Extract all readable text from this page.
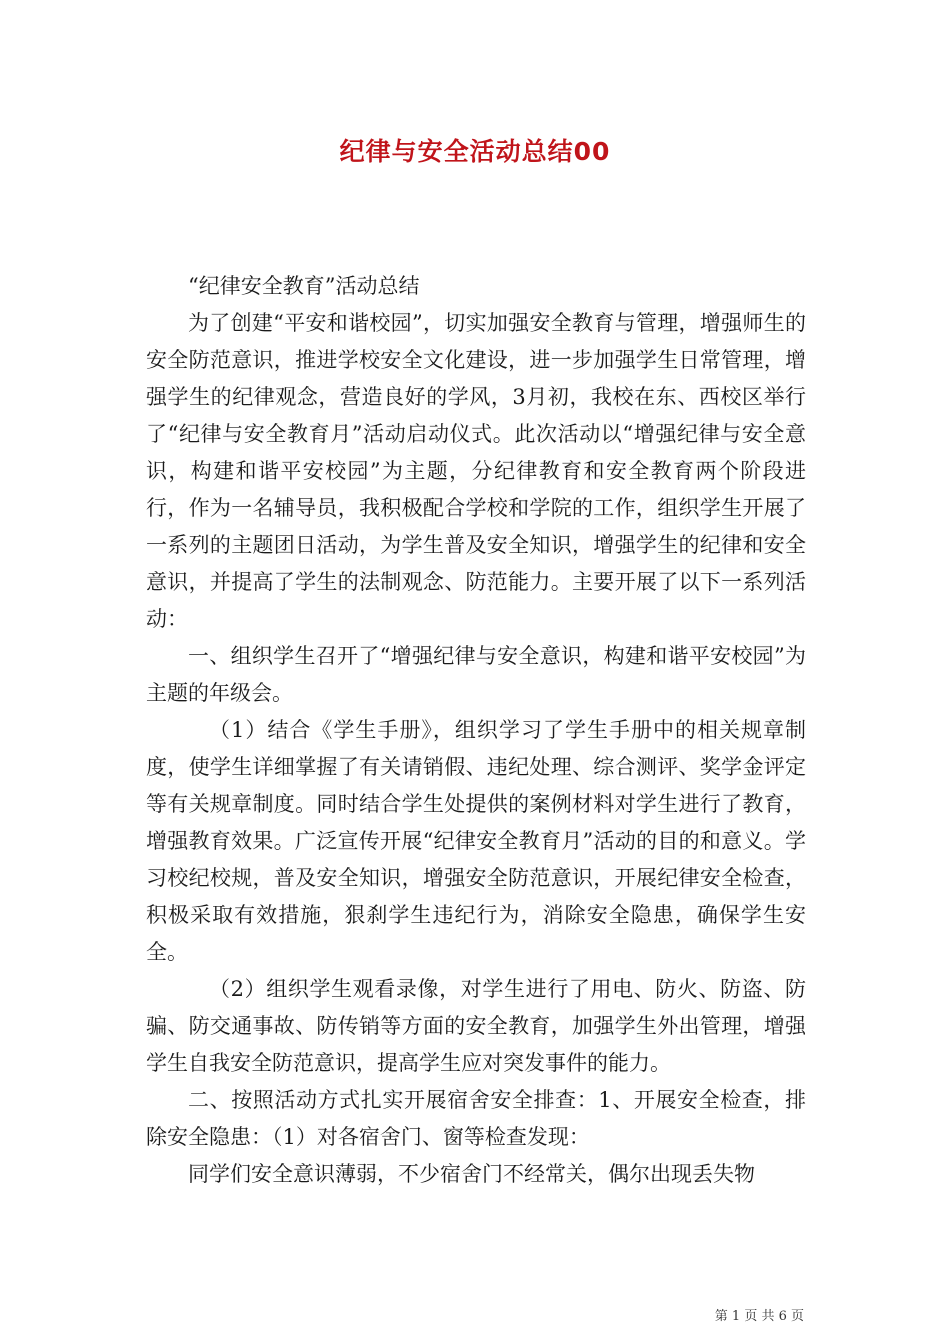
纪律与安全活动总结00

“纪律安全教育”活动总结

为了创建“平安和谐校园”，切实加强安全教育与管理，增强师生的安全防范意识，推进学校安全文化建设，进一步加强学生日常管理，增强学生的纪律观念，营造良好的学风，3月初，我校在东、西校区举行了“纪律与安全教育月”活动启动仪式。此次活动以“增强纪律与安全意识，构建和谐平安校园”为主题，分纪律教育和安全教育两个阶段进行，作为一名辅导员，我积极配合学校和学院的工作，组织学生开展了一系列的主题团日活动，为学生普及安全知识，增强学生的纪律和安全意识，并提高了学生的法制观念、防范能力。主要开展了以下一系列活动：

一、组织学生召开了“增强纪律与安全意识，构建和谐平安校园”为主题的年级会。

（1）结合《学生手册》，组织学习了学生手册中的相关规章制度，使学生详细掌握了有关请销假、违纪处理、综合测评、奖学金评定等有关规章制度。同时结合学生处提供的案例材料对学生进行了教育，增强教育效果。广泛宣传开展“纪律安全教育月”活动的目的和意义。学习校纪校规，普及安全知识，增强安全防范意识，开展纪律安全检查，积极采取有效措施，狠刹学生违纪行为，消除安全隐患，确保学生安全。

（2）组织学生观看录像，对学生进行了用电、防火、防盗、防骗、防交通事故、防传销等方面的安全教育，加强学生外出管理，增强学生自我安全防范意识，提高学生应对突发事件的能力。

二、按照活动方式扎实开展宿舍安全排查：1、开展安全检查，排除安全隐患：（1）对各宿舍门、窗等检查发现：

同学们安全意识薄弱，不少宿舍门不经常关，偶尔出现丢失物

第 1 页 共 6 页
